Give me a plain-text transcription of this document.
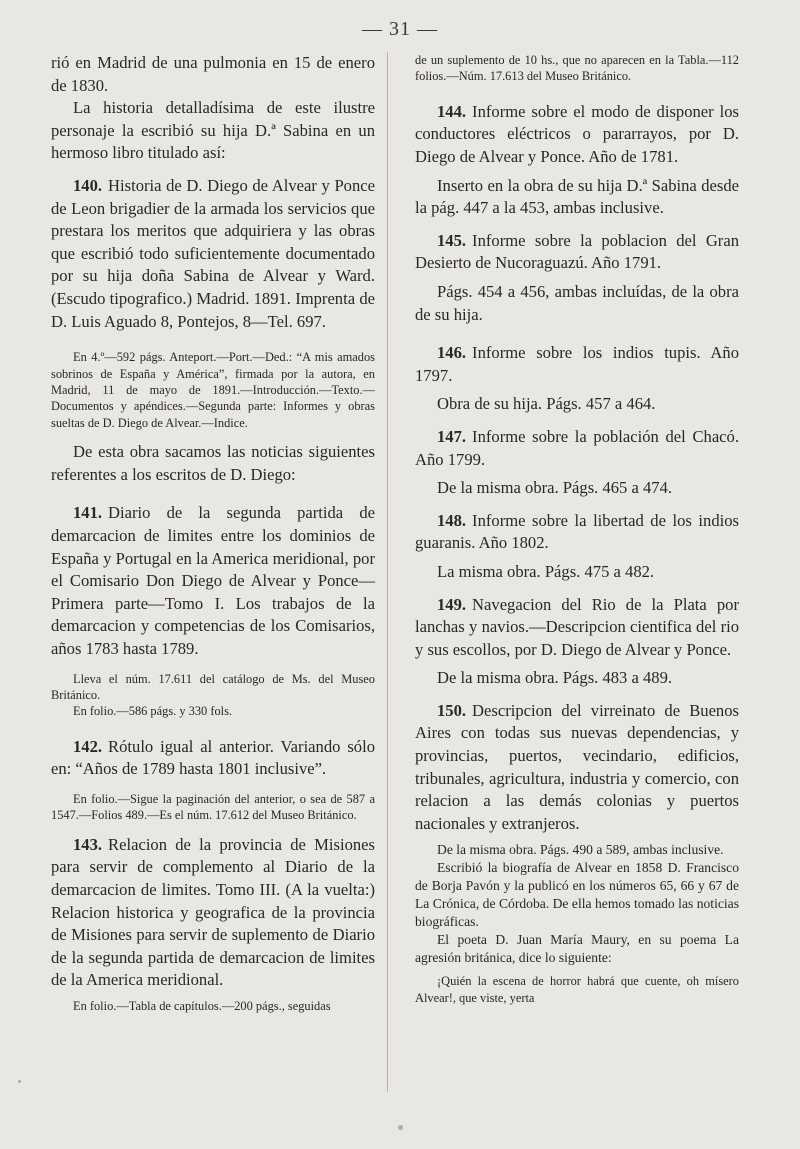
— 31 —

rió en Madrid de una pulmonia en 15 de enero de 1830.

La historia detalladísima de este ilustre personaje la escribió su hija D.ª Sabina en un hermoso libro titulado así:

140. Historia de D. Diego de Alvear y Ponce de Leon brigadier de la armada los servicios que prestara los meritos que adquiriera y las obras que escribió todo suficientemente documentado por su hija doña Sabina de Alvear y Ward. (Escudo tipografico.) Madrid. 1891. Imprenta de D. Luis Aguado 8, Pontejos, 8—Tel. 697.

En 4.º—592 págs. Anteport.—Port.—Ded.: “A mis amados sobrinos de España y América”, firmada por la autora, en Madrid, 11 de mayo de 1891.—Introducción.—Texto.—Documentos y apéndices.—Segunda parte: Informes y obras sueltas de D. Diego de Alvear.—Indice.

De esta obra sacamos las noticias siguientes referentes a los escritos de D. Diego:

141. Diario de la segunda partida de demarcacion de limites entre los dominios de España y Portugal en la America meridional, por el Comisario Don Diego de Alvear y Ponce—Primera parte—Tomo I. Los trabajos de la demarcacion y competencias de los Comisarios, años 1783 hasta 1789.

Lleva el núm. 17.611 del catálogo de Ms. del Museo Británico.

En folio.—586 págs. y 330 fols.

142. Rótulo igual al anterior. Variando sólo en: “Años de 1789 hasta 1801 inclusive”.

En folio.—Sigue la paginación del anterior, o sea de 587 a 1547.—Folios 489.—Es el núm. 17.612 del Museo Británico.

143. Relacion de la provincia de Misiones para servir de complemento al Diario de la demarcacion de limites. Tomo III. (A la vuelta:) Relacion historica y geografica de la provincia de Misiones para servir de suplemento de Diario de la segunda partida de demarcacion de limites de la America meridional.

En folio.—Tabla de capítulos.—200 págs., seguidas

de un suplemento de 10 hs., que no aparecen en la Tabla.—112 folios.—Núm. 17.613 del Museo Británico.

144. Informe sobre el modo de disponer los conductores eléctricos o pararrayos, por D. Diego de Alvear y Ponce. Año de 1781.

Inserto en la obra de su hija D.ª Sabina desde la pág. 447 a la 453, ambas inclusive.

145. Informe sobre la poblacion del Gran Desierto de Nucoraguazú. Año 1791.

Págs. 454 a 456, ambas incluídas, de la obra de su hija.

146. Informe sobre los indios tupis. Año 1797.

Obra de su hija. Págs. 457 a 464.

147. Informe sobre la población del Chacó. Año 1799.

De la misma obra. Págs. 465 a 474.

148. Informe sobre la libertad de los indios guaranis. Año 1802.

La misma obra. Págs. 475 a 482.

149. Navegacion del Rio de la Plata por lanchas y navios.—Descripcion cientifica del rio y sus escollos, por D. Diego de Alvear y Ponce.

De la misma obra. Págs. 483 a 489.

150. Descripcion del virreinato de Buenos Aires con todas sus nuevas dependencias, y provincias, puertos, vecindario, edificios, tribunales, agricultura, industria y comercio, con relacion a las demás colonias y puertos nacionales y extranjeros.

De la misma obra. Págs. 490 a 589, ambas inclusive.

Escribió la biografía de Alvear en 1858 D. Francisco de Borja Pavón y la publicó en los números 65, 66 y 67 de La Crónica, de Córdoba. De ella hemos tomado las noticias biográficas.

El poeta D. Juan María Maury, en su poema La agresión británica, dice lo siguiente:

¡Quién la escena de horror habrá que cuente, oh mísero Alvear!, que viste, yerta
